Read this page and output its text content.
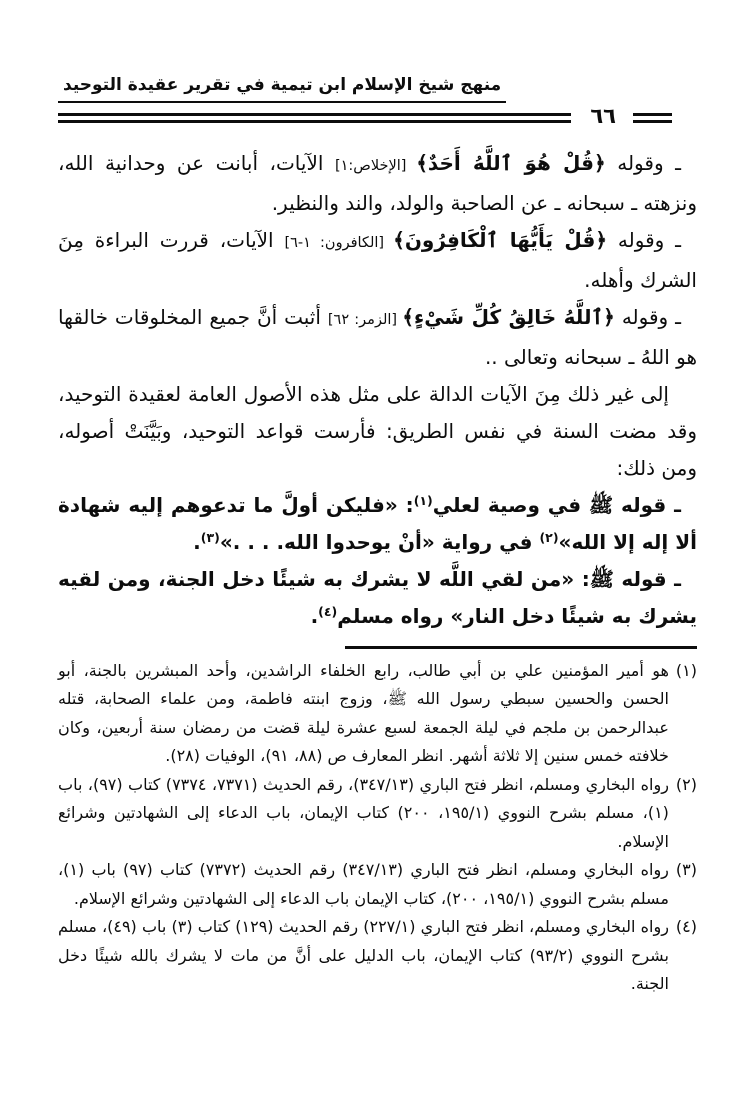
منهج شيخ الإسلام ابن تيمية في تقرير عقيدة التوحيد
٦٦
ـ وقوله ﴿قُلْ هُوَ ٱللَّهُ أَحَدٌ﴾ [الإخلاص:١] الآيات، أبانت عن وحدانية الله، ونزهته ـ سبحانه ـ عن الصاحبة والولد، والند والنظير.
ـ وقوله ﴿قُلْ يَأَيُّهَا ٱلْكَافِرُونَ﴾ [الكافرون: ١-٦] الآيات، قررت البراءة مِنَ الشرك وأهله.
ـ وقوله ﴿ٱللَّهُ خَالِقُ كُلِّ شَيْءٍ﴾ [الزمر: ٦٢] أثبت أنَّ جميع المخلوقات خالقها هو اللهُ ـ سبحانه وتعالى ..
إلى غير ذلك مِنَ الآيات الدالة على مثل هذه الأصول العامة لعقيدة التوحيد، وقد مضت السنة في نفس الطريق: فأرست قواعد التوحيد، وبَيَّنَتْ أصوله، ومن ذلك:
ـ قوله ﷺ في وصية لعلي$^{(١)}$: «فليكن أولَّ ما تدعوهم إليه شهادة ألا إله إلا الله»$^{(٢)}$ في رواية «أنْ يوحدوا الله. . . .»$^{(٣)}$.
ـ قوله ﷺ: «من لقي اللَّه لا يشرك به شيئًا دخل الجنة، ومن لقيه يشرك به شيئًا دخل النار» رواه مسلم$^{(٤)}$.
(١)
هو أمير المؤمنين علي بن أبي طالب، رابع الخلفاء الراشدين، وأحد المبشرين بالجنة، أبو الحسن والحسين سبطي رسول الله ﷺ، وزوج ابنته فاطمة، ومن علماء الصحابة، قتله عبدالرحمن بن ملجم في ليلة الجمعة لسبع عشرة ليلة قضت من رمضان سنة أربعين، وكان خلافته خمس سنين إلا ثلاثة أشهر. انظر المعارف ص (٨٨، ٩١)، الوفيات (٢٨).
(٢)
رواه البخاري ومسلم، انظر فتح الباري (٣٤٧/١٣)، رقم الحديث (٧٣٧١، ٧٣٧٤) كتاب (٩٧)، باب (١)، مسلم بشرح النووي (١٩٥/١، ٢٠٠) كتاب الإيمان، باب الدعاء إلى الشهادتين وشرائع الإسلام.
(٣)
رواه البخاري ومسلم، انظر فتح الباري (٣٤٧/١٣) رقم الحديث (٧٣٧٢) كتاب (٩٧) باب (١)، مسلم بشرح النووي (١٩٥/١، ٢٠٠)، كتاب الإيمان باب الدعاء إلى الشهادتين وشرائع الإسلام.
(٤)
رواه البخاري ومسلم، انظر فتح الباري (٢٢٧/١) رقم الحديث (١٢٩) كتاب (٣) باب (٤٩)، مسلم بشرح النووي (٩٣/٢) كتاب الإيمان، باب الدليل على أنَّ من مات لا يشرك بالله شيئًا دخل الجنة.
